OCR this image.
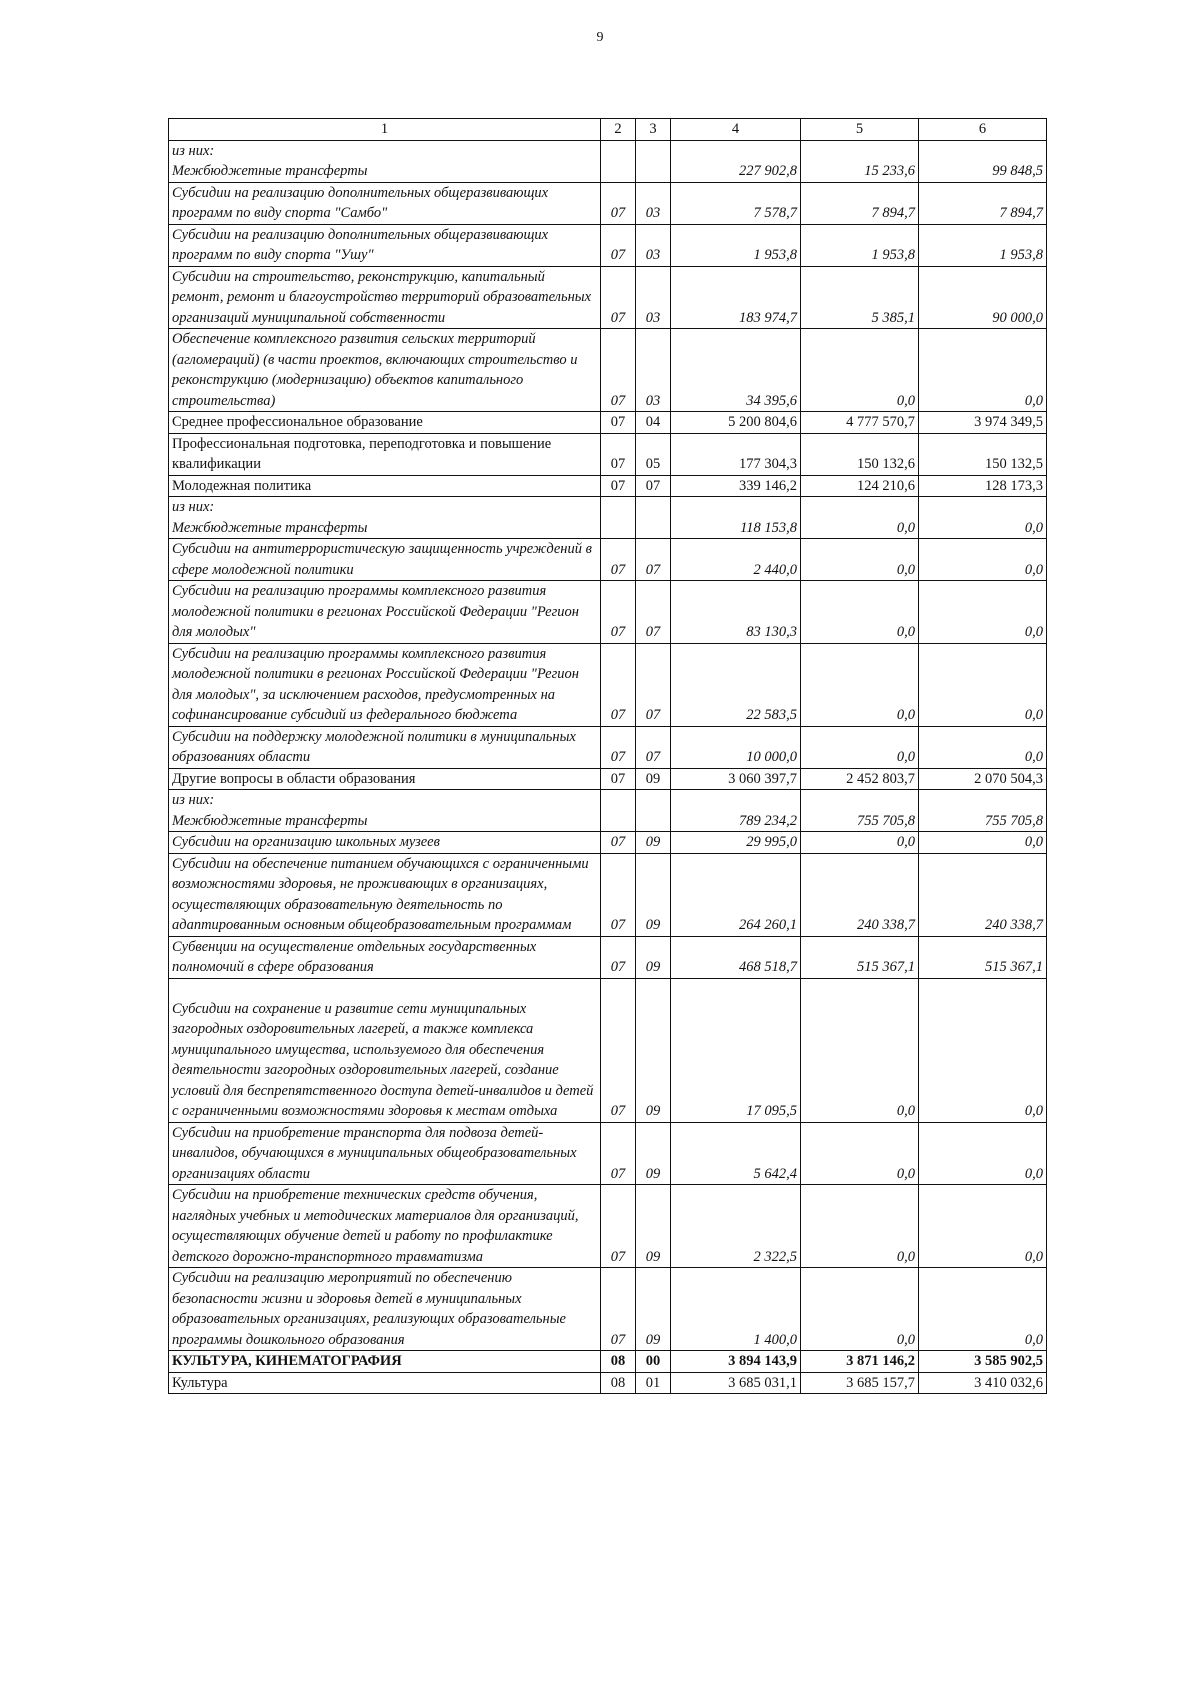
9
1	2	3	4	5	6
из них:
Межбюджетные трансферты			227 902,8	15 233,6	99 848,5
Субсидии на реализацию дополнительных общеразвивающих программ по виду спорта "Самбо"	07	03	7 578,7	7 894,7	7 894,7
Субсидии на реализацию дополнительных общеразвивающих программ по виду спорта "Ушу"	07	03	1 953,8	1 953,8	1 953,8
Субсидии на строительство, реконструкцию, капитальный ремонт, ремонт и благоустройство территорий образовательных организаций муниципальной собственности	07	03	183 974,7	5 385,1	90 000,0
Обеспечение комплексного развития сельских территорий (агломераций) (в части проектов, включающих строительство и реконструкцию (модернизацию) объектов капитального строительства)	07	03	34 395,6	0,0	0,0
Среднее профессиональное образование	07	04	5 200 804,6	4 777 570,7	3 974 349,5
Профессиональная подготовка, переподготовка и повышение квалификации	07	05	177 304,3	150 132,6	150 132,5
Молодежная политика	07	07	339 146,2	124 210,6	128 173,3
из них:
Межбюджетные трансферты			118 153,8	0,0	0,0
Субсидии на антитеррористическую защищенность учреждений в сфере молодежной политики	07	07	2 440,0	0,0	0,0
Субсидии на реализацию программы комплексного развития молодежной политики в регионах Российской Федерации "Регион для молодых"	07	07	83 130,3	0,0	0,0
Субсидии на реализацию программы комплексного развития молодежной политики в регионах Российской Федерации "Регион для молодых", за исключением расходов, предусмотренных на софинансирование субсидий из федерального бюджета	07	07	22 583,5	0,0	0,0
Субсидии на поддержку молодежной политики в муниципальных образованиях области	07	07	10 000,0	0,0	0,0
Другие вопросы в области образования	07	09	3 060 397,7	2 452 803,7	2 070 504,3
из них:
Межбюджетные трансферты			789 234,2	755 705,8	755 705,8
Субсидии на организацию школьных музеев	07	09	29 995,0	0,0	0,0
Субсидии на обеспечение питанием обучающихся с ограниченными возможностями здоровья, не проживающих в организациях, осуществляющих образовательную деятельность по адаптированным основным общеобразовательным программам	07	09	264 260,1	240 338,7	240 338,7
Субвенции на осуществление отдельных государственных полномочий в сфере образования	07	09	468 518,7	515 367,1	515 367,1
Субсидии на сохранение и развитие сети муниципальных загородных оздоровительных лагерей, а также комплекса муниципального имущества, используемого для обеспечения деятельности загородных оздоровительных лагерей, создание условий для беспрепятственного доступа детей-инвалидов и детей с ограниченными возможностями здоровья к местам отдыха	07	09	17 095,5	0,0	0,0
Субсидии на приобретение транспорта для подвоза детей-инвалидов, обучающихся в муниципальных общеобразовательных организациях области	07	09	5 642,4	0,0	0,0
Субсидии на приобретение технических средств обучения, наглядных учебных и методических материалов для организаций, осуществляющих обучение детей и работу по профилактике детского дорожно-транспортного травматизма	07	09	2 322,5	0,0	0,0
Субсидии на реализацию мероприятий по обеспечению безопасности жизни и здоровья детей в муниципальных образовательных организациях, реализующих образовательные программы дошкольного образования	07	09	1 400,0	0,0	0,0
КУЛЬТУРА, КИНЕМАТОГРАФИЯ	08	00	3 894 143,9	3 871 146,2	3 585 902,5
Культура	08	01	3 685 031,1	3 685 157,7	3 410 032,6
